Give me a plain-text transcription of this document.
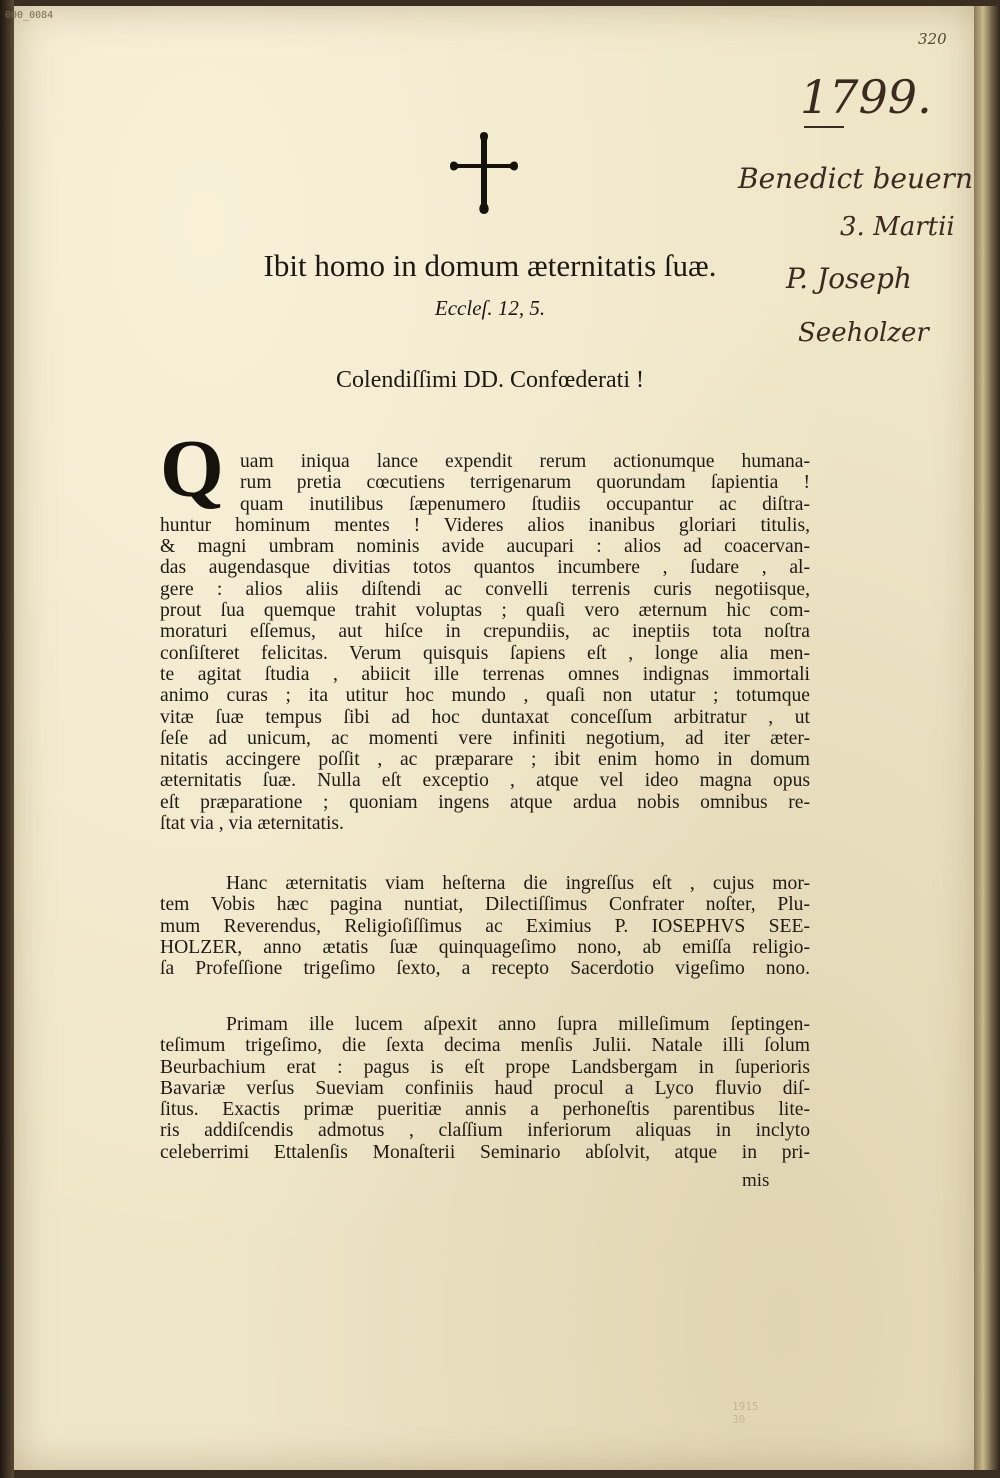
000_0084
320
1799.
Benedict beuern
3. Martii
P. Joseph
Seeholzer
Ibit homo in domum æternitatis ſuæ.
Eccleſ. 12, 5.
Colendiſſimi DD. Confœderati !
Q uam iniqua lance expendit rerum actionumque humana-
rum pretia cœcutiens terrigenarum quorundam ſapientia !
quam inutilibus ſæpenumero ſtudiis occupantur ac diſtra-
huntur hominum mentes ! Videres alios inanibus gloriari titulis,
& magni umbram nominis avide aucupari : alios ad coacervan-
das augendasque divitias totos quantos incumbere , ſudare , al-
gere : alios aliis diſtendi ac convelli terrenis curis negotiisque,
prout ſua quemque trahit voluptas ; quaſi vero æternum hic com-
moraturi eſſemus, aut hiſce in crepundiis, ac ineptiis tota noſtra
conſiſteret felicitas. Verum quisquis ſapiens eſt , longe alia men-
te agitat ſtudia , abiicit ille terrenas omnes indignas immortali
animo curas ; ita utitur hoc mundo , quaſi non utatur ; totumque
vitæ ſuæ tempus ſibi ad hoc duntaxat conceſſum arbitratur , ut
ſeſe ad unicum, ac momenti vere infiniti negotium, ad iter æter-
nitatis accingere poſſit , ac præparare ; ibit enim homo in domum
æternitatis ſuæ. Nulla eſt exceptio , atque vel ideo magna opus
eſt præparatione ; quoniam ingens atque ardua nobis omnibus re-
ſtat via , via æternitatis.
Hanc æternitatis viam heſterna die ingreſſus eſt , cujus mor-
tem Vobis hæc pagina nuntiat, Dilectiſſimus Confrater noſter, Plu-
mum Reverendus, Religioſiſſimus ac Eximius P. IOSEPHVS SEE-
HOLZER, anno ætatis ſuæ quinquageſimo nono, ab emiſſa religio-
ſa Profeſſione trigeſimo ſexto, a recepto Sacerdotio vigeſimo nono.
Primam ille lucem aſpexit anno ſupra milleſimum ſeptingen-
teſimum trigeſimo, die ſexta decima menſis Julii. Natale illi ſolum
Beurbachium erat : pagus is eſt prope Landsbergam in ſuperioris
Bavariæ verſus Sueviam confiniis haud procul a Lyco fluvio diſ-
ſitus. Exactis primæ pueritiæ annis a perhoneſtis parentibus lite-
ris addiſcendis admotus , claſſium inferiorum aliquas in inclyto
celeberrimi Ettalenſis Monaſterii Seminario abſolvit, atque in pri-
mis
1915
30
